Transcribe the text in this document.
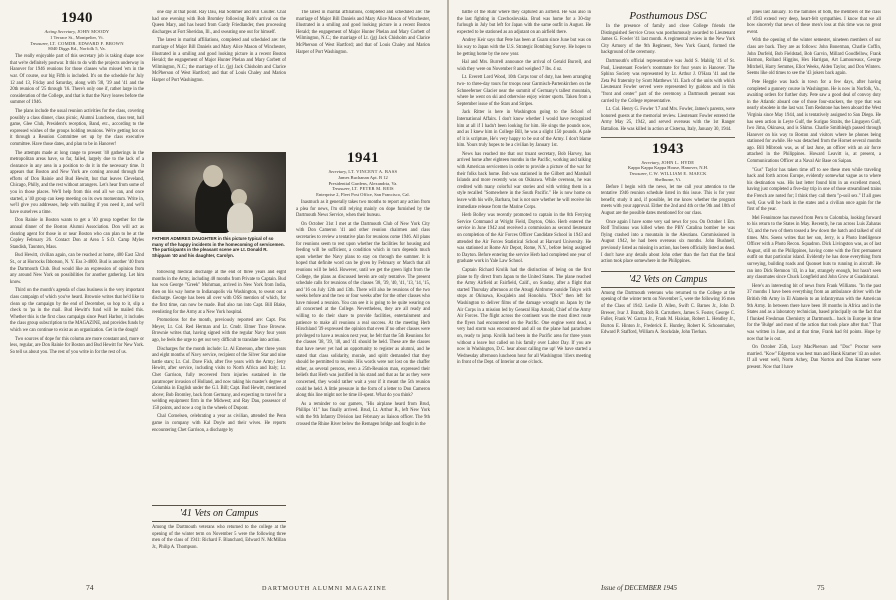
1940
Acting Secretary, JOHN MOODY
1 Terrace St., Montpelier, Vt.
Treasurer, LT. COMDR. EDWARD F. BROWN
8040 Diggs Rd., Norfolk 5, Va.

The really enjoyable part of this secretary job is taking shape now that we're definitely postwar. It this to do with the projects underway in Hanover for 1946 reunions for those classes who missed 'em in the war. Of course, our big Fifth is included. It's on the schedule for July 12 and 13, Friday and Saturday, along with '38, '39 and '41 and the 20th reunion of '25 through '16. There's only one if, rather large in the consideration of the College, and that is that the Navy leaves before the summer of 1946.

The plans include the usual reunion activities for the class, covering possibly a class dinner, class picnic, Alumni Luncheon, class tent, ball game, Glee Club, President's reception, Band, etc., according to the expressed wishes of the groups holding reunions. We're getting hot on it through a Reunion Committee set up by the class executive committee. Have those dates, and plan to be in Hanover!

The attempts made at long range to present '40 gatherings in the metropolitan areas have, so far, failed, largely due to the lack of a clearance in any area in a position to do it in the necessary time. It appears that Boston and New York are coming around through the efforts of Don Rainie and Bud Hewitt, but that leaves Cleveland, Chicago, Philly, and the rest without arrangers. Let's hear from some of you in those places. We'll help from this end all we can, and once started, a '40 group can keep meeting on its own momentum. Write in, we'll give you addresses, help with mailing if you need it, and we'll have ourselves a time.

Don Rainie in Boston wants to get a '40 group together for the annual dinner of the Boston Alumni Association. Don will act as clearing agent for those in or near Boston who can plan to be at the Copley February 26. Contact Don at Area 5 S.O. Camp Myles Standish, Taunton, Mass.

Bud Hewitt, civilian again, can be reached at home, 400 East 52nd St., or at Horrocks Ibbotson, N. Y. Ess 3-4000. Bud is another '40 from the Dartmouth Club. Bud would like an expression of opinion from any around New York on possibilities for another gathering. Let him know.

Third on the month's agenda of class business is the very important class campaign of which you've heard. Brownie writes that he'd like to clean up the campaign by the end of December, so hop to it, slip a check to 'pa in the mail. Bud Hewitt's fund will be mailed this. Whether this is the first class campaign since Pearl Harbor, it includes the class group subscription to the MAGAZINE, and provides funds by which we can continue to exist as an organization. Get in the dough!

Two sources of dope for this column are more constant and, more or less, regular, are Don Rainie for Boston and Bud Hewitt for New York. So tell us about you. The rest of you write in for the rest of us.

one day at that point. Ray Dau, Hal Sommer and Bill Coulter. Chal had one evening with Bob Bromley following Bob's arrival on the Queen Mary, and has heard from Gardy Friedlander, then processing discharges at Fort Sheridan, Ill., and sweating one out for himself.

The latest in marital affiliations, completed and scheduled are: the marriage of Major Bill Daniels and Mary Alice Mason of Winchester, illustrated in a smiling and good looking picture in a recent Boston Herald; the engagement of Major Hunter Phelan and Mary Corbett of Wilmington, N.C.; the marriage of Lt. (jg) Jack Chisholm and Clarice McPherson of West Hartford; and that of Louis Chaley and Marion Harper of Port Washington.

FATHER ADMIRES DAUGHTER in this picture typical of so many of the happy incidents in the homecoming of servicemen. The participants in the pleasant scene are Lt. Donald R. Shippam '40 and his daughter, Carolyn.

following medical discharge at the end of three years and eight months in the Army, including 48 months from Private to Captain. Bud has won George "Greek" Mohrman, arrived in New York from India, then on his way home to Indianapolis via Washington, to sweat out a discharge. George has been all over with OSS mention of which, for the first time, can now be made. Bud also ran into Capt. Bill Blake, reenlisting for the Army at a New York hospital.

Promotions for the month, previously reported are: Capt. Pax Meyer, Lt. Col. Red Herman and Lt. Cmdr. Elmer Tuxe Browne. Brownie writes that, having signed with the regular Navy four years ago, he feels the urge to get out very difficult to translate into action.

Discharges for the month include: Lt. Al Emerson, after three years and eight months of Navy service, recipient of the Silver Star and nine battle stars; Lt. Col. Dave Fish, after five years with the Army; Jerry Hewitt, after service, including visits to North Africa and Italy; Lt. Chet Garrison, fully recovered from injuries sustained in the paratrooper invasion of Holland, and now taking his master's degree at Columbia in English under the G.I. Bill; Capt. Bud Hewitt, mentioned above; Bob Bromley, back from Germany, and expecting to travel for a welding equipment firm in the Midwest; and Ray Dau, possessor of 150 points, and now a cog in the wheels of Dupont.

Chal Cornelsen, celebrating a year as civilian, attended the Penn game in company with Kal Doyle and their wives. He reports encountering Chet Garrison, a discharge by

'41 Vets on Campus
Among the Dartmouth veterans who returned to the college at the opening of the winter term on November 5 were the following three men of the class of 1941: Richard F. Blanchard, Edward N. McMillan Jr., Philip A. Thompson.
1941
Secretary, LT. VINCENT A. BASS
James Buchanan Apt. B 12
Presidential Gardens, Alexandria, Va.
Treasurer, LT. PETER M. REIS
Enterprise 2, Fleet Post Office, San Francisco, Cal.

Inasmuch as it generally takes two months to report any action from a plea for news, I'm still relying mainly on dope furnished by the Dartmouth News Service, when their bureau.

On October 31st I met at the Dartmouth Club of New York City with Don Cameron '41 and other reunion chairmen and class secretaries to review a tentative plan for reunions come 1946. All plans for reunions seem to rest upon whether the facilities for housing and feeding will be sufficient, a condition which in turn depends much upon whether the Navy plans to stay on through the summer. It is hoped that definite word can be given by February or March that all reunions will be held. However, until we get the green light from the College, the plans as discussed herein are only tentative. The present schedule calls for reunions of the classes '38, '39, '40, '41, '13, '14, '15, and '16 on July 12th and 13th. There will also be reunions of the two weeks before and the two or four weeks after for the other classes who have missed a reunion. You can see it is going to be quite wearing on all concerned at the College. Nevertheless, they are all ready and willing to do their share to provide facilities, entertainment and patience to make all reunions a real success. At the meeting Herb Hirschland '39 expressed the opinion that even if no other classes were privileged to have a reunion next year, he felt that the 5th Reunions for the classes '38, '39, '40, and '41 should be held. These are the classes that have never yet had an opportunity to register as alumni, and he stated that class solidarity, morale, and spirit demanded that they should be permitted to reunite. His words were not lost on the chaffer either, as several persons, even a 25th-Reunion man, expressed their beliefs that Herb was justified in his stand and that as far as they were concerned, they would rather wait a year if it meant the 5th reunion could be held. A little pressure in the form of a letter to Don Cameron along this line might not be time ill-spent. What do you think?

As a reminder to our gamers, "His airplane heard from Brud, Phillips '41" has finally arrived. Brud, Lt. Arthur R., left New York with the 9th Infantry Division last February as liaison officer. The 9th crossed the Rhine River below the Remagen bridge and fought in the

The latest in marital affiliations, completed and scheduled are: the marriage of Major Bill Daniels and Mary Alice Mason of Winchester, illustrated in a smiling and good looking picture in a recent Boston Herald; the engagement of Major Hunter Phelan and Mary Corbett of Wilmington, N.C.; the marriage of Lt. (jg) Jack Chisholm and Clarice McPherson of West Hartford; and that of Louis Chaley and Marion Harper of Port Washington.

74	DARTMOUTH ALUMNI MAGAZINE

battle of the Ruhr where they captured an airfield. He was also in the last fighting in Czechoslovakia. Brud was home for a 30-day furlough in July but left for Japan with the same outfit in August. He expected to be stationed as an adjutant on an airfield there.

Andrey Keir says that Pete has been at Guam since June but was on his way to Japan with the U.S. Strategic Bombing Survey. He hopes to be getting home by the new year.

Hal and Mrs. Burrell announce the arrival of Gerald Burrell, and wish they were on November 8 and weighed 7 lbs. 4 oz.

Lt. Everett Lord Wood, 10th Corps tour of duty, has been arranging two- to three-day tours for troops near Garmisch-Partenkirchen on the Schneeferner Glacier near the summit of Germany's tallest mountain, where he went on ski and otherwise enjoy winter sports. Taken from a September issue of the Stars and Stripes.

Jack Ritter is here in Washington going to the School of International Affairs. I don't know whether I would have recognized him at all if I hadn't been looking for him. He sings the pounds now, and as I knew him in College Bill, he was a slight 150 pounds. A pale of it is scripture, He's very happy to be out of the Army. I don't blame him. Yours truly hopes to be a civilian by January 1st.

News has reached me that our truant secretary, Bob Harvey, has arrived home after eighteen months in the Pacific, working and talking with American servicemen in order to provide a picture of the war for their folks back home. Bob was stationed in the Gilbert and Marshall Islands and more recently was on Okinawa. While overseas, he was credited with many colorful war stories and with writing them in a style recalled "Somewhere in the South Pacific." He is now home on leave with his wife, Barbara, but is not sure whether he will receive his immediate release from the Marine Corps.

Herb Bolley was recently promoted to captain in the 8th Ferrying Service Command at Wright Field, Dayton, Ohio. Herb entered the service in June 1942 and received a commission as second lieutenant on completion of the Air Forces Officer Candidate School in 1943 and attended the Air Forces Statistical School at Harvard University. He was stationed at Rome Air Depot, Rome, N.Y., before being assigned to Dayton. Before entering the service Herb had completed one year of graduate work in Yale Law School.

Captain Richard Krolik had the distinction of being on the first plane to fly direct from Japan to the United States. The plane reached the Army Airfield at Fairfield, Calif., on Sunday, after a flight that started Thursday afternoon at the Atsugi Airdrome outside Tokyo with stops at Okinawa, Kwajalein and Honolulu. "Dick" then left for Washington to deliver films of the damage wrought on Japan by the Air Corps in a mission led by General Hap Arnold, Chief of the Army Air Forces. The flight across the continent was the most direct route the flyers had encountered on the Pacific. One engine went dead, a very bad storm was encountered and all on the plane had parachutes on, ready to jump. Krolik had been in the Pacific area for three years without a leave but called on his family over Labor Day. If you are now in Washington, D.C. hear about calling me up! We have started a Wednesday afternoon luncheon hour for all Washington '41ers meeting in front of the Dept. of Interior at one o'clock.

Posthumous DSC

In the presence of family and close College friends the Distinguished Service Cross was posthumously awarded to Lieutenant James G. Fowler '41 last month. A regimental review in the New York City Armory of the 9th Regiment, New York Guard, formed the background of the ceremony.

Dartmouth's official representative was Judd S. Mahlig '41 of St. Paul, Lieutenant Fowler's roommate for four years in Hanover. The Sphinx Society was represented by Lt. Arthur J. O'Hara '41 and the Zeta Psi fraternity by Scott Matthews '41. Each of the units with which Lieutenant Fowler served were represented by guidons and in this "front and center" part of the ceremony a Dartmouth pennant was carried by the College representative.

Lt. Col. Henry G. Fowler '17 and Mrs. Fowler, James's parents, were honored guests at the memorial review. Lieutenant Fowler entered the Army May 25, 1942, and served overseas with the 1st Ranger Battalion. He was killed in action at Cisterna, Italy, January 30, 1944.

1943
Secretary, JOHN L. HYDE
Kappa Kappa Kappa House, Hanover, N.H.
Treasurer, C.W. WILLIAM E. MAECK
Shelburne, Vt.

Before I begin with the news, let me call your attention to the tentative 1946 reunion schedule listed in this issue. This is for your benefit; study it and, if possible, let me know whether the program meets with your approval. Either the 2nd and 4th or the 9th and 10th of August are the possible dates mentioned for our class.

Once again I have some very sad news for you. On October 1 Em. Rolf Trolisnus was killed when the PBY Catalina bomber he was flying crashed into a mountain in the Aleutians. Commissioned in August 1942, he had been overseas six months. John Bushnell, previously listed as missing in action, has been officially listed as dead. I don't have any details about John other than the fact that the fatal action took place somewhere in the Philippines.

'42 Vets on Campus
Among the Dartmouth veterans who returned to the College at the opening of the winter term on November 5, were the following 16 men of the Class of 1942. Leslie D. Allen, Swift C. Barnes Jr., John D. Brewer, Ivar J. Brandt, Rob R. Carruthers, James S. Foster, George C. Fuller, Frank W. Garran Jr., Frank M. Haisian, Robert L. Hendley Jr., Burton E. Hinton Jr., Frederick E. Huntley, Robert K. Schoonmaker, Edward P. Stafford, William A. Stockdale, John Tierhan.

pines last January. To the families of both, the members of the class of 1943 extend very deep, heart-felt sympathies. I know that we all bow sincerely that news of these men's loss at this time was no great event.

With the opening of the winter semester, nineteen members of our class are back. They are as follows: John Bonerman, Charlie Coffin, John Dorfeld, Bob Fieldstad, Bob Garvin, Millard Goodfellow, Frank Harmon, Rolland Higgins, Hex Harrigan, Art Lamoureaux, George Mitchell, Harry Semmes, Eliot Weeks, Alden Taylor, and Don Winters. Seems like old times to see the '43 jokers back again.

Pete Heggie was back in town for a few days, after having completed a gunnery course in Washington. He is now in Norfolk, Va., awaiting orders for further duty. Pete saw a good deal of convoy duty in the Atlantic aboard one of those four-stackers, the type that was nearly obsolete in the last war. Tom Redstone has been aboard the West Virginia since May 1944, and is tentatively assigned to San Diego. He has seen action in Leyte Gulf, the Surigao Straits, the Lingayen Gulf, Iwo Jima, Okinawa, and is Shimo. Charlie Smithleigh passed through Hanover on his way to Boston and visitors where he phones being stationed for awhile. He was detached from the Hornet several months ago. Bill Mibrook was, as of last June, an officer with an air force attached in the Philippines. Howard Leavitt is, at present, a Communications Officer at a Naval Air Base on Saipan.

"Gus" Taylor has taken time off to see these men while traveling back and forth across Europe, evidently somewhat vague as to where his destination was. His last letter found him in an excellent mood, having just completed a five-day trip in one of those streamlined trains the French are noted for; I think they call them "p-soil sex." If all goes well, Gus will be back in the states and a civilian once again for the first of the year.

Mel Fennimore has moved from Peru to Colombia, looking forward to his return to the States in May. Recently, he ran across Luis Zaharas '43, and the two of them tossed a few down the hatch and talked of old times. Mrs. Soens writes that her son, Jerry, is a Photo Intelligence Officer with a Photo Recon. Squadron. Dick Livingston was, as of last August, still on the Philippines, having come with the first permanent outfit on that particular island. Evidently he has done everything from surveying, building roads and Quonset huts to running in aircraft. He ran into Dick Remnon '43, in a bar, strangely enough, but hasn't seen any classmates since Chuck Longfield and John Grow at Guadalcanal.

Here's an interesting bit of news from Frank Williams. "In the past 37 months I have been everything from an ambulance driver with the British 8th Army in El Alamein to an infantryman with the American 9th Army. In between there have been 18 months in Africa and in the States and as a laboratory technician, based principally on the fact that I flunked Freshman Chemistry at Dartmouth... back in Europe in time for the 'Bulge' and most of the action that took place after that." That was written in June, and at that time, Frank had 84 points. Hope by now that he is out.

On October 25th, Lucy MacPherson and "Doc" Proctor were married. "Kow" Edgerton was best man and Hank Kramer '43 an usher. If all went well, Norm Achey, Dan Norton and Dan Kramer were present. Now that I have

Issue of DECEMBER 1945	75
